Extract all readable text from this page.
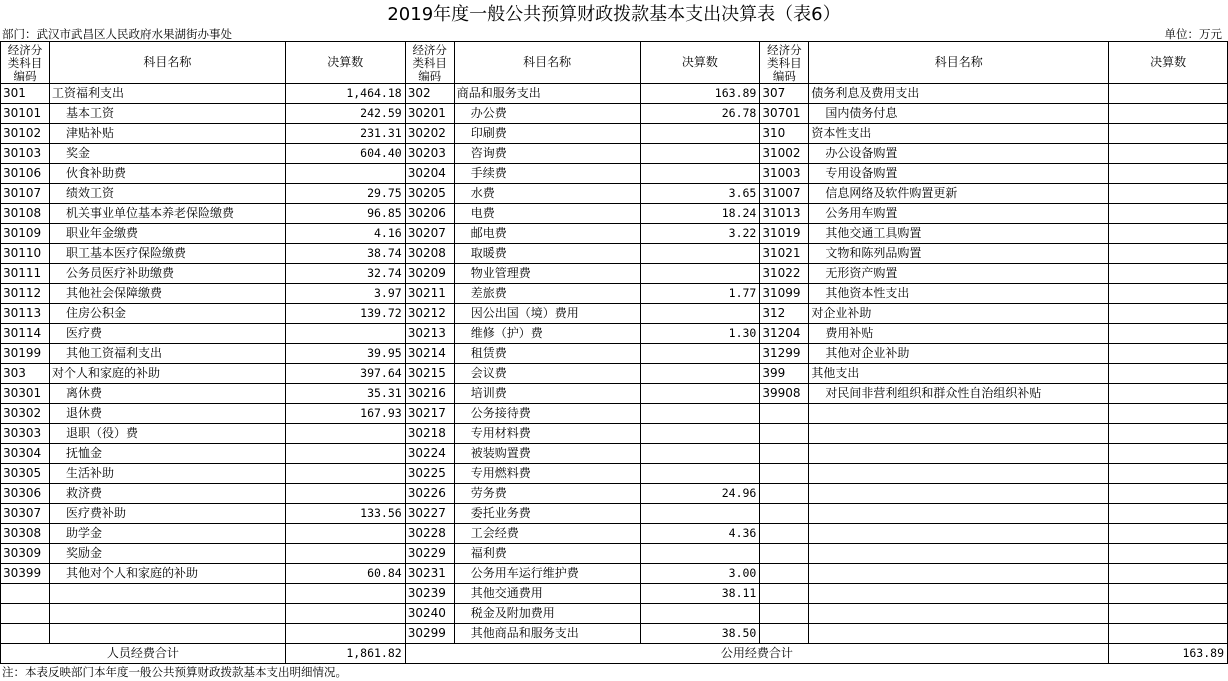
2019年度一般公共预算财政拨款基本支出决算表（表6）
部门：武汉市武昌区人民政府水果湖街办事处	单位：万元
经济分类科目编码	科目名称	决算数	经济分类科目编码	科目名称	决算数	经济分类科目编码	科目名称	决算数
301	工资福利支出	1,464.18	302	商品和服务支出	163.89	307	债务利息及费用支出	
30101	基本工资	242.59	30201	办公费	26.78	30701	国内债务付息	
30102	津贴补贴	231.31	30202	印刷费		310	资本性支出	
30103	奖金	604.40	30203	咨询费		31002	办公设备购置	
30106	伙食补助费		30204	手续费		31003	专用设备购置	
30107	绩效工资	29.75	30205	水费	3.65	31007	信息网络及软件购置更新	
30108	机关事业单位基本养老保险缴费	96.85	30206	电费	18.24	31013	公务用车购置	
30109	职业年金缴费	4.16	30207	邮电费	3.22	31019	其他交通工具购置	
30110	职工基本医疗保险缴费	38.74	30208	取暖费		31021	文物和陈列品购置	
30111	公务员医疗补助缴费	32.74	30209	物业管理费		31022	无形资产购置	
30112	其他社会保障缴费	3.97	30211	差旅费	1.77	31099	其他资本性支出	
30113	住房公积金	139.72	30212	因公出国（境）费用		312	对企业补助	
30114	医疗费		30213	维修（护）费	1.30	31204	费用补贴	
30199	其他工资福利支出	39.95	30214	租赁费		31299	其他对企业补助	
303	对个人和家庭的补助	397.64	30215	会议费		399	其他支出	
30301	离休费	35.31	30216	培训费		39908	对民间非营利组织和群众性自治组织补贴	
30302	退休费	167.93	30217	公务接待费				
30303	退职（役）费		30218	专用材料费				
30304	抚恤金		30224	被装购置费				
30305	生活补助		30225	专用燃料费				
30306	救济费		30226	劳务费	24.96			
30307	医疗费补助	133.56	30227	委托业务费				
30308	助学金		30228	工会经费	4.36			
30309	奖励金		30229	福利费				
30399	其他对个人和家庭的补助	60.84	30231	公务用车运行维护费	3.00			
			30239	其他交通费用	38.11			
			30240	税金及附加费用				
			30299	其他商品和服务支出	38.50			
人员经费合计		1,861.82	公用经费合计					163.89
注：本表反映部门本年度一般公共预算财政拨款基本支出明细情况。
